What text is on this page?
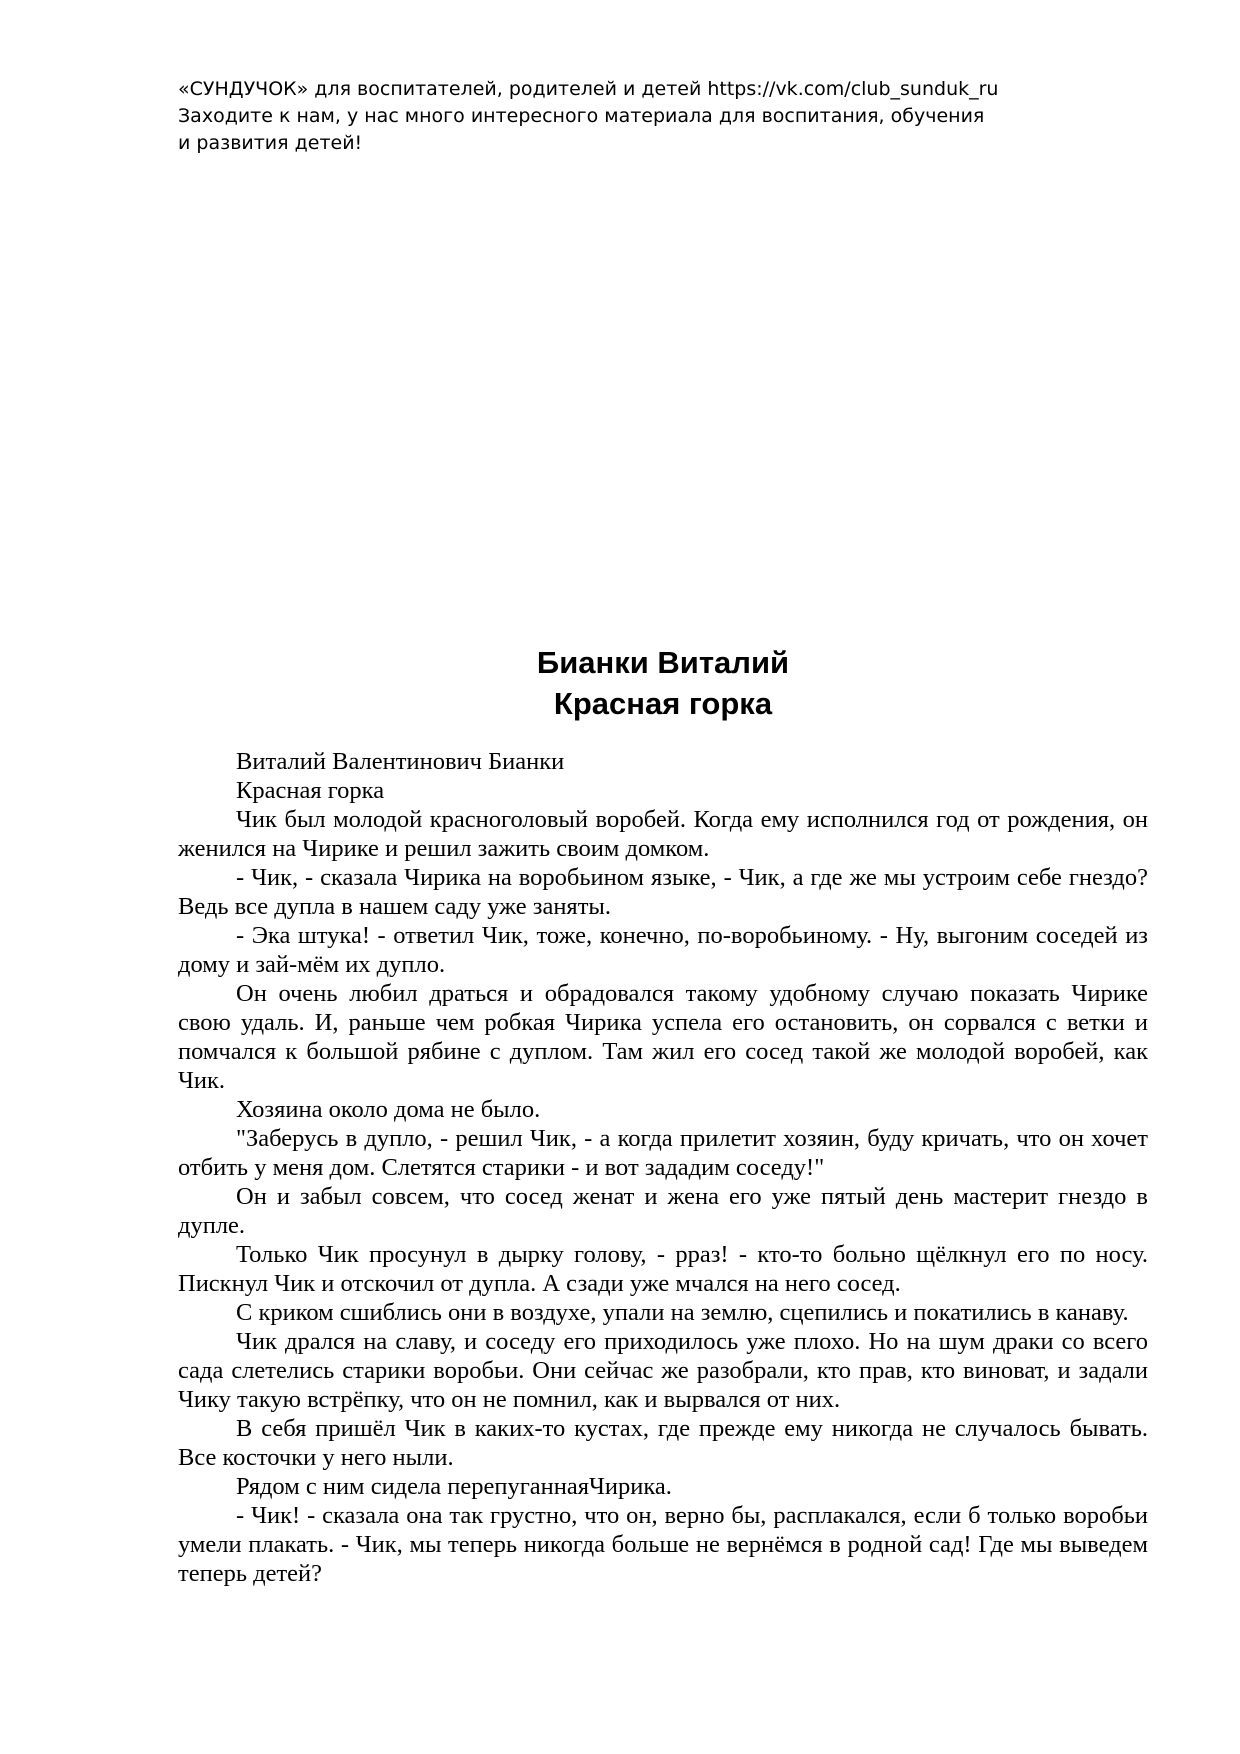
«СУНДУЧОК» для воспитателей, родителей и детей https://vk.com/club_sunduk_ru
Заходите к нам, у нас много интересного материала для воспитания, обучения
и развития детей!
Бианки Виталий
Красная горка

Виталий Валентинович Бианки

Красная горка

Чик был молодой красноголовый воробей. Когда ему исполнился год от рождения, он женился на Чирике и решил зажить своим домком.

- Чик, - сказала Чирика на воробьином языке, - Чик, а где же мы устроим себе гнездо? Ведь все дупла в нашем саду уже заняты.

- Эка штука! - ответил Чик, тоже, конечно, по-воробьиному. - Ну, выгоним соседей из дому и зай-мём их дупло.

Он очень любил драться и обрадовался такому удобному случаю показать Чирике свою удаль. И, раньше чем робкая Чирика успела его остановить, он сорвался с ветки и помчался к большой рябине с дуплом. Там жил его сосед такой же молодой воробей, как Чик.

Хозяина около дома не было.

"Заберусь в дупло, - решил Чик, - а когда прилетит хозяин, буду кричать, что он хочет отбить у меня дом. Слетятся старики - и вот зададим соседу!"

Он и забыл совсем, что сосед женат и жена его уже пятый день мастерит гнездо в дупле.

Только Чик просунул в дырку голову, - рраз! - кто-то больно щёлкнул его по носу. Пискнул Чик и отскочил от дупла. А сзади уже мчался на него сосед.

С криком сшиблись они в воздухе, упали на землю, сцепились и покатились в канаву.

Чик дрался на славу, и соседу его приходилось уже плохо. Но на шум драки со всего сада слетелись старики воробьи. Они сейчас же разобрали, кто прав, кто виноват, и задали Чику такую встрёпку, что он не помнил, как и вырвался от них.

В себя пришёл Чик в каких-то кустах, где прежде ему никогда не случалось бывать. Все косточки у него ныли.

Рядом с ним сидела перепуганнаяЧирика.

- Чик! - сказала она так грустно, что он, верно бы, расплакался, если б только воробьи умели плакать. - Чик, мы теперь никогда больше не вернёмся в родной сад! Где мы выведем теперь детей?
